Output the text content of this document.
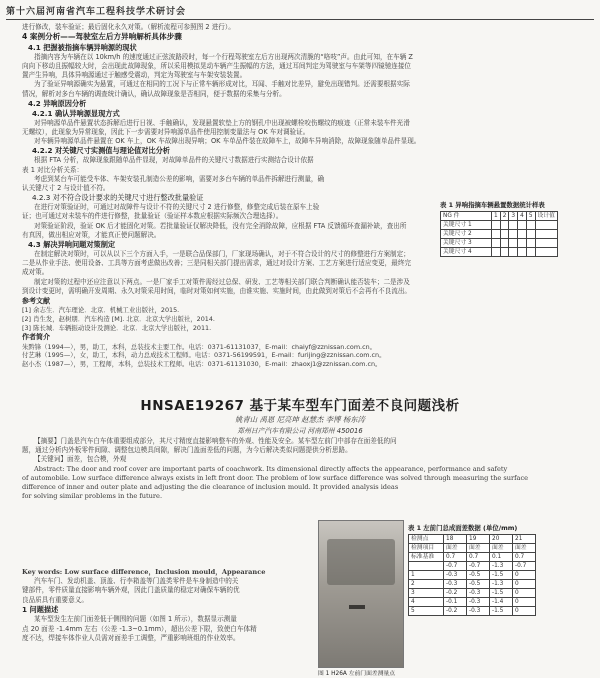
第十六届河南省汽车工程科技学术研讨会

进行修改，装车验证；最后固化永久对策。（解析流程可参照图 2 进行）。

4 案例分析——驾驶室左后方异响解析具体步骤

4.1 把握被指摘车辆异响源的现状

指摘内容为车辆在以 10km/h 的速度通过正弦波路段时，每一个行程驾驶室左后方出现两次清脆的“咯吱”声。由此可知，在车辆 Z

向向下移动且振幅较大时，会出现此故障现象，所以采用模拟晃动车辆产生振幅的方法，通过耳间判定为驾驶室与车架等四镜驰连接位

置产生异响，具体异响源通过于触感受震动，判定为驾驶室与车架安装装置。

为了验证异响源确实为悬置，可通过在相同的工况下与正常车辆形成对比，耳闻、手触对比差异，避免出现错判。还需要根据实际

情况，解析对多台车辆的调查统计确认，确认故障现象是否相同，便于数据的采集与分析。

4.2 异响原因分析

4.2.1 确认异响源显现方式

对异响源单品件悬置状态拆解后进行日视、手触确认，发现悬置软垫上方的钢孔中出现被螺栓咬伤螺纹的痕迹（正常未装车件光滑

无螺纹），此现象为异常现象，因此下一步需要对异响源单品件使用控制变量法与 OK 车对调验证。

对车辆异响源单品件悬置在 OK 车上，OK 车故障出现异响；OK 车单品件装在故障车上，故障车异响消除，故障现象随单品件显现。

4.2.2 对关键尺寸实测值与理论值对比分析

根据 FTA 分析，故障现象跟随单品件显现，对故障单品件的关键尺寸数据进行实测结合设计依据

表 1 对比分析关系：

考虑到某台车可能受车体、车架安装孔制造公差的影响，需要对多台车辆的单品件拆解进行测量，确

认关键尺寸 2 与设计值不符。

4.2.3 对不符合设计要求的关键尺寸进行整改批量验证

在进行对策验证时，可通过对故障件与设计不符的关键尺寸 2 进行修整，修整完成后装在原车上验

证；也可通过对未装车的件进行修整，批量验证（验证样本数应根据实际频次合理选择）。

对策验证阶段，验证 OK 后才能固化对策。若批量验证仅解决降低，没有完全消除故障，应根据 FTA 反馈循环查漏补缺，查出所

有真因，做出相应对策，才能真正使问题解决。

4.3 解决异响问题对策制定

在制定解决对策时，可以从以下三个方面入手，一是联合品保部门，厂家现场确认，对于不符合设计的尺寸的修整进行方案制定；

二是从作业手法、使用设备、工具等方面考虑做出改善；三是同相关部门提出需求，通过对设计方案、工艺方案进行适应变更，最终完

成对策。

制定对策的过程中还应注意以下两点。一是厂家手工对策件需经过总保、研发、工艺等相关部门联合判断确认能否装车；二是涉及

到设计变更时，需明确开发周期、永久对策采用时间，临时对策如何实施，由谁实施、实施时间，由此做到对策后不会再有不良流出。

参考文献

[1] 余志生．汽车理论．北京．机械工业出版社，2015.

[2] 肖生发，赵树朋．汽车构造 [M]. 北京．北京大学出版社，2014.

[3] 陈长城．车辆振动设计及测论．北京．北京大学出版社，2011.

作者简介

朱黔锋（1994—），男，助工，本科，总装技术主要工作。电话：0371-61131037，E-mail：chaiyf@zznissan.com.cn。

付艺琳（1995—），女，助工，本科，动力总成技术工程师。电话：0371-56199591，E-mail：furijing@zznissan.com.cn。

赵小杰（1987—），男，工程师，本科，总装技术工程师。电话：0371-61131030，E-mail：zhaoxj1@zznissan.com.cn。

表 1 异响指摘车辆悬置数据统计样表
NG 件	1	2	3	4	5	设计值
关键尺寸 1						
关键尺寸 2						
关键尺寸 3						
关键尺寸 4						
HNSAE19267 基于某车型车门面差不良问题浅析
姚青山 禹恩 尼亮坤 赵慧杰 李博 杨东涛
郑州日产汽车有限公司 河南郑州 450016

【摘要】门盖是汽车白车体重要组成部分，其尺寸精度直接影响整车的外观、性能及安全。某车型左前门中部存在面差低的问

题，通过分析内外板零件间隙、调整包边模具间隙，解决门盖面差低的问题，为今后解决类似问题提供分析思路。

【关键词】面差，包合模，外观

Abstract: The door and roof cover are important parts of coachwork. Its dimensional directly affects the appearance, performance and safety

of automobile. Low surface difference always exists in left front door. The problem of low surface difference was solved through measuring the surface

difference of inner and outer plate and adjusting the die clearance of inclusion mould. It provided analysis ideas

for solving similar problems in the future.

图 1 H26A 左前门面差测量点

Key words: Low surface difference，Inclusion mould，Appearance

汽车车门、发动机盖、顶盖、行李箱盖等门盖类零件是车身制造中的关

键部件，零件质量直接影响车辆外观，因此门盖质量的稳定对确保车辆的优

良品质具有重要意义。

1 问题描述

某车型发生左前门面差低于侧围的问题（如图 1 所示），数据显示测量

点 20 面差 -1.4mm 左右（公差 -1.3~0.1mm），超出公差下限，致使白车体精

度不达，焊接车体作业人员需对面差手工调整，严重影响班组的作业效率。

表 1 左前门总成面差数据 (单位/mm)
检测点	18	19	20	21
检测项目	面差	面差	面差	面差
标准基准	0.7	0.7	0.1	0.7
	-0.7	-0.7	-1.3	-0.7
1	-0.3	-0.5	-1.5	0
2	-0.3	-0.5	-1.3	0
3	-0.2	-0.3	-1.5	0
4	-0.1	-0.3	-1.4	0
5	-0.2	-0.3	-1.5	0
